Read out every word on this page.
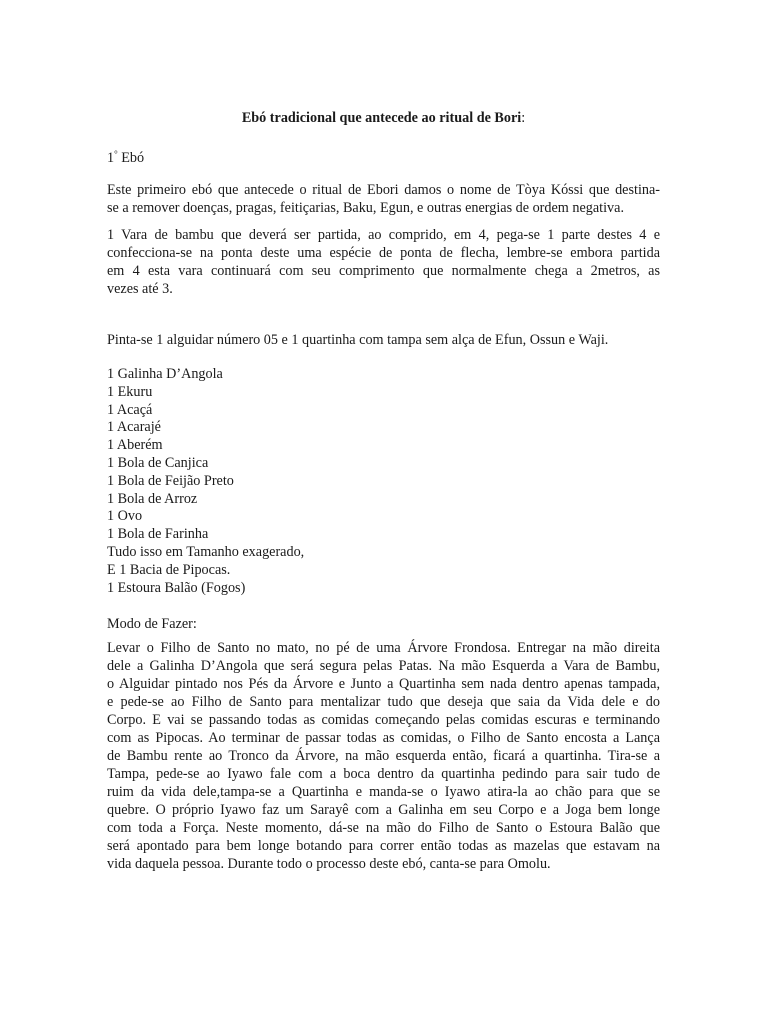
Ebó tradicional que antecede ao ritual de Bori:

1° Ebó

Este primeiro ebó que antecede o ritual de Ebori damos o nome de Tòya Kóssi que destina-
se a remover doenças, pragas, feitiçarias, Baku, Egun, e outras energias de ordem negativa.

1 Vara de bambu que deverá ser partida, ao comprido, em 4, pega-se 1 parte destes 4 e
confecciona-se na ponta deste uma espécie de ponta de flecha, lembre-se embora partida
em 4 esta vara continuará com seu comprimento que normalmente chega a 2metros, as
vezes até 3.

Pinta-se 1 alguidar número 05 e 1 quartinha com tampa sem alça de Efun, Ossun e Waji.

1 Galinha D’Angola
1 Ekuru
1 Acaçá
1 Acarajé
1 Aberém
1 Bola de Canjica
1 Bola de Feijão Preto
1 Bola de Arroz
1 Ovo
1 Bola de Farinha
Tudo isso em Tamanho exagerado,
E 1 Bacia de Pipocas.
1 Estoura Balão (Fogos)

Modo de Fazer:

Levar o Filho de Santo no mato, no pé de uma Árvore Frondosa. Entregar na mão direita
dele a Galinha D’Angola que será segura pelas Patas. Na mão Esquerda a Vara de Bambu,
o Alguidar pintado nos Pés da Árvore e Junto a Quartinha sem nada dentro apenas tampada,
e pede-se ao Filho de Santo para mentalizar tudo que deseja que saia da Vida dele e do
Corpo. E vai se passando todas as comidas começando pelas comidas escuras e terminando
com as Pipocas. Ao terminar de passar todas as comidas, o Filho de Santo encosta a Lança
de Bambu rente ao Tronco da Árvore, na mão esquerda então, ficará a quartinha. Tira-se a
Tampa, pede-se ao Iyawo fale com a boca dentro da quartinha pedindo para sair tudo de
ruim da vida dele,tampa-se a Quartinha e manda-se o Iyawo atira-la ao chão para que se
quebre. O próprio Iyawo faz um Sarayê com a Galinha em seu Corpo e a Joga bem longe
com toda a Força. Neste momento, dá-se na mão do Filho de Santo o Estoura Balão que
será apontado para bem longe botando para correr então todas as mazelas que estavam na
vida daquela pessoa. Durante todo o processo deste ebó, canta-se para Omolu.
